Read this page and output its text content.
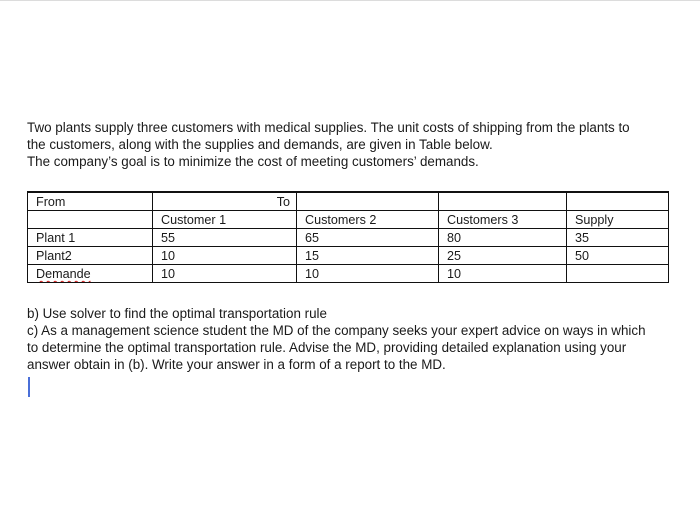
Two plants supply three customers with medical supplies. The unit costs of shipping from the plants to

the customers, along with the supplies and demands, are given in Table below.

The company’s goal is to minimize the cost of meeting customers’ demands.

From	To			
	Customer 1	Customers 2	Customers 3	Supply
Plant 1	55	65	80	35
Plant2	10	15	25	50
Demande	10	10	10	

b) Use solver to find the optimal transportation rule

c) As a management science student the MD of the company seeks your expert advice on ways in which

to determine the optimal transportation rule. Advise the MD, providing detailed explanation using your

answer obtain in (b). Write your answer in a form of a report to the MD.
